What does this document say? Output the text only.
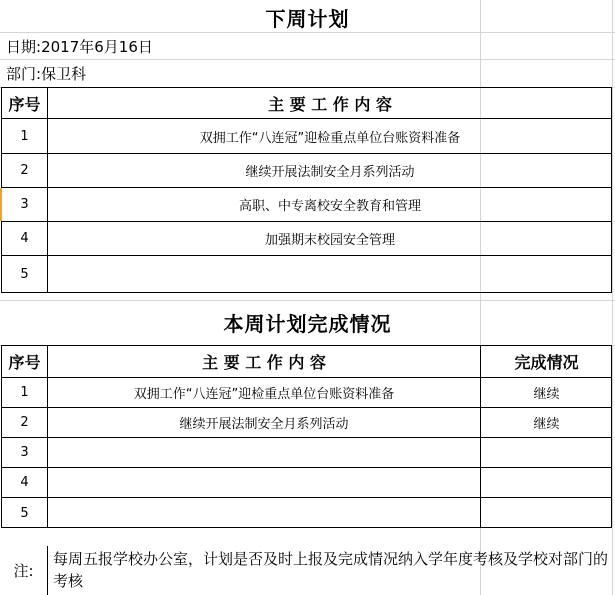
下周计划
日期: 2017年6月16日
部门: 保卫科
序号	主 要 工 作 内 容
1	双拥工作“八连冠”迎检重点单位台账资料准备
2	继续开展法制安全月系列活动
3	高职、中专离校安全教育和管理
4	加强期末校园安全管理
5
本周计划完成情况
序号	主 要 工 作 内 容	完成情况
1	双拥工作“八连冠”迎检重点单位台账资料准备	继续
2	继续开展法制安全月系列活动	继续
3
4
5
注:
每周五报学校办公室，计划是否及时上报及完成情况纳入学年度考核及学校对部门的考核
